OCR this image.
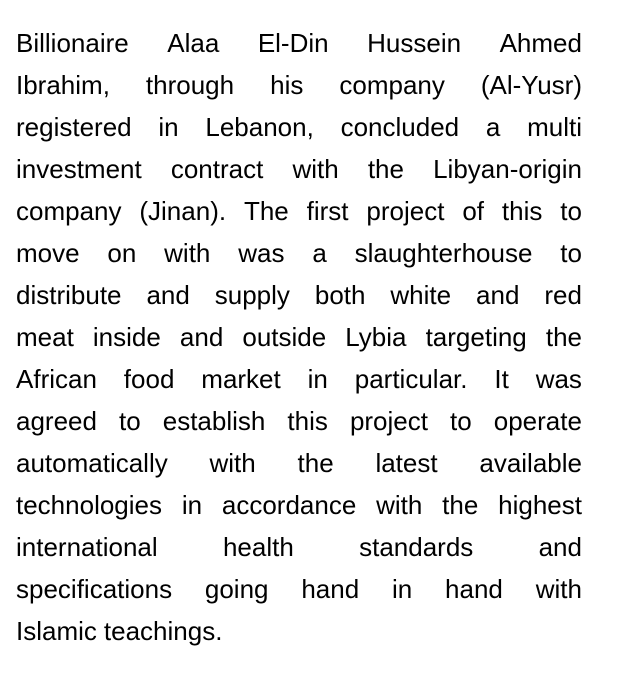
Billionaire Alaa El-Din Hussein Ahmed
Ibrahim, through his company (Al-Yusr)
registered in Lebanon, concluded a multi
investment contract with the Libyan-origin
company (Jinan). The first project of this to
move on with was a slaughterhouse to
distribute and supply both white and red
meat inside and outside Lybia targeting the
African food market in particular. It was
agreed to establish this project to operate
automatically with the latest available
technologies in accordance with the highest
international	health	standards	and
specifications going hand in hand with
Islamic teachings.
